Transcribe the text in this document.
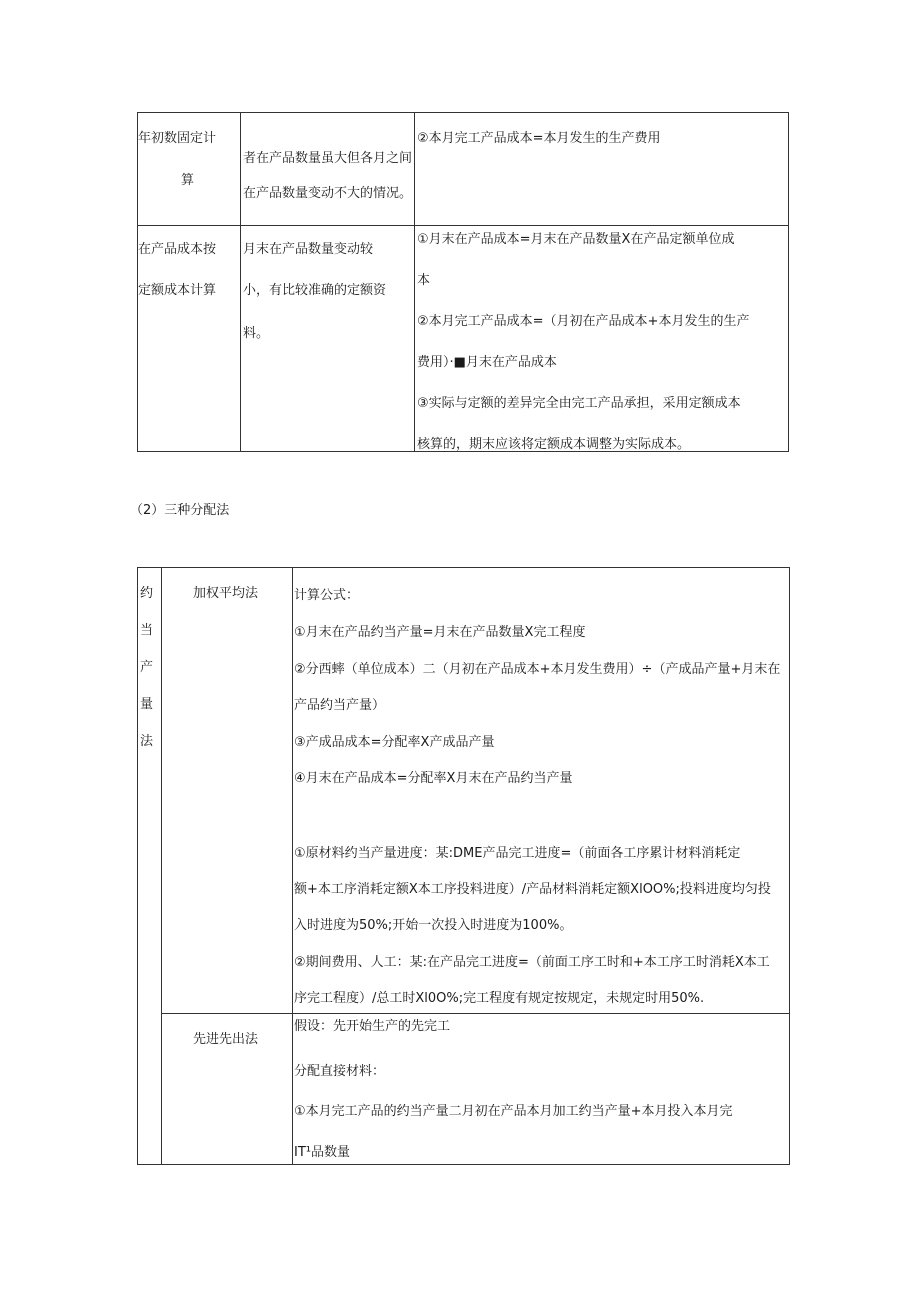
年初数固定计
算
者在产品数量虽大但各月之间
在产品数量变动不大的情况。
②本月完工产品成本=本月发生的生产费用
在产品成本按
定额成本计算
月末在产品数量变动较
小，有比较准确的定额资
料。
①月末在产品成本=月末在产品数量X在产品定额单位成
本
②本月完工产品成本=（月初在产品成本+本月发生的生产
费用）·■月末在产品成本
③实际与定额的差异完全由完工产品承担，采用定额成本
核算的，期末应该将定额成本调整为实际成本。
（2）三种分配法
约
当
产
量
法
加权平均法	计算公式：
①月末在产品约当产量=月末在产品数量X完工程度
②分西蟀（单位成本）二（月初在产品成本+本月发生费用）÷（产成品产量+月末在
产品约当产量）
③产成品成本=分配率X产成品产量
④月末在产品成本=分配率X月末在产品约当产量
①原材料约当产量进度：某:DME产品完工进度=（前面各工序累计材料消耗定
额+本工序消耗定额X本工序投料进度）/产品材料消耗定额XlOO%;投料进度均匀投
入时进度为50%;开始一次投入时进度为100%。
②期间费用、人工：某:在产品完工进度=（前面工序工时和+本工序工时消耗X本工
序完工程度）/总工时Xl0O%;完工程度有规定按规定，未规定时用50%.
先进先出法
假设：先开始生产的先完工
分配直接材料：
①本月完工产品的约当产量二月初在产品本月加工约当产量+本月投入本月完
IT¹品数量
